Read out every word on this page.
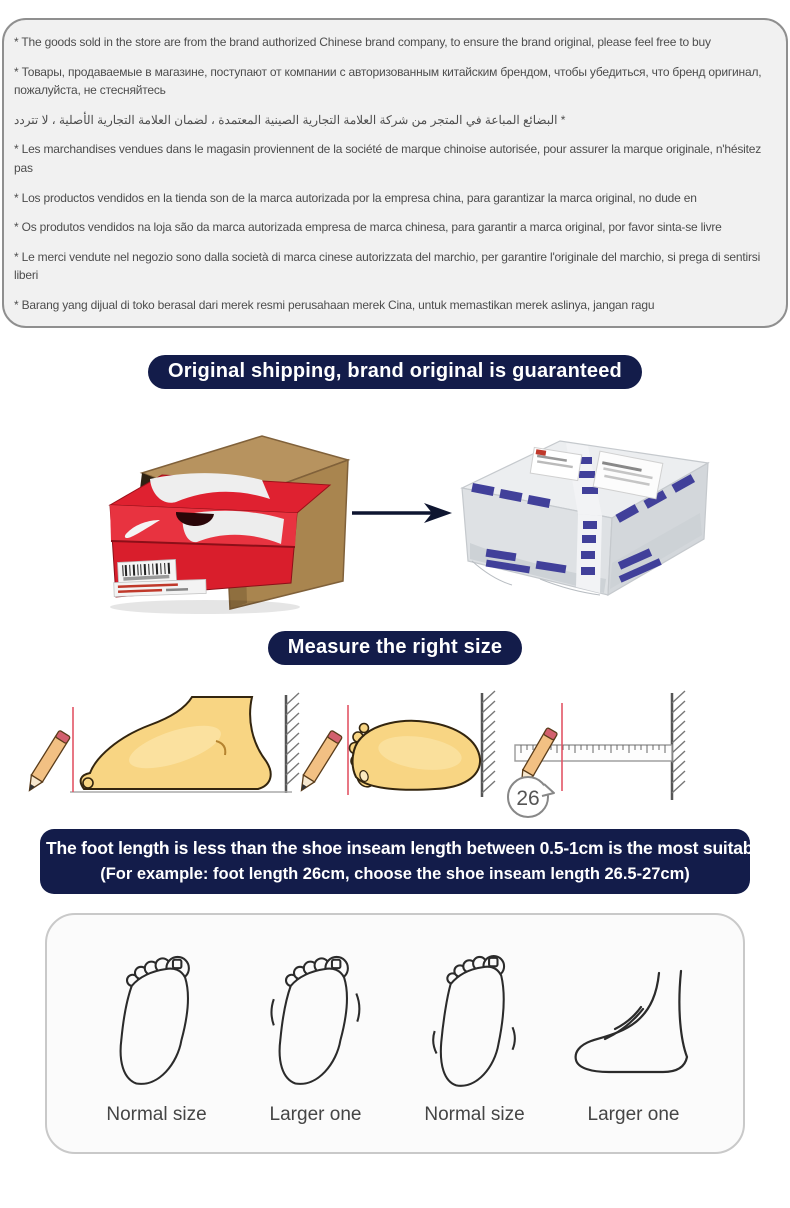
* The goods sold in the store are from the brand authorized Chinese brand company, to ensure the brand original, please feel free to buy

* Товары, продаваемые в магазине, поступают от компании с авторизованным китайским брендом, чтобы убедиться, что бренд оригинал, пожалуйста, не стесняйтесь

* البضائع المباعة في المتجر من شركة العلامة التجارية الصينية المعتمدة ، لضمان العلامة التجارية الأصلية ، لا تتردد

* Les marchandises vendues dans le magasin proviennent de la société de marque chinoise autorisée, pour assurer la marque originale, n'hésitez pas

* Los productos vendidos en la tienda son de la marca autorizada por la empresa china, para garantizar la marca original, no dude en

* Os produtos vendidos na loja são da marca autorizada empresa de marca chinesa, para garantir a marca original, por favor sinta-se livre

* Le merci vendute nel negozio sono dalla società di marca cinese autorizzata del marchio, per garantire l'originale del marchio, si prega di sentirsi liberi

* Barang yang dijual di toko berasal dari merek resmi perusahaan merek Cina, untuk memastikan merek aslinya, jangan ragu

Original shipping, brand original is guaranteed
Measure the right size
26
The foot length is less than the shoe inseam length between 0.5-1cm is the most suitable
(For example: foot length 26cm, choose the shoe inseam length 26.5-27cm)
Normal size	Larger one	Normal size	Larger one
